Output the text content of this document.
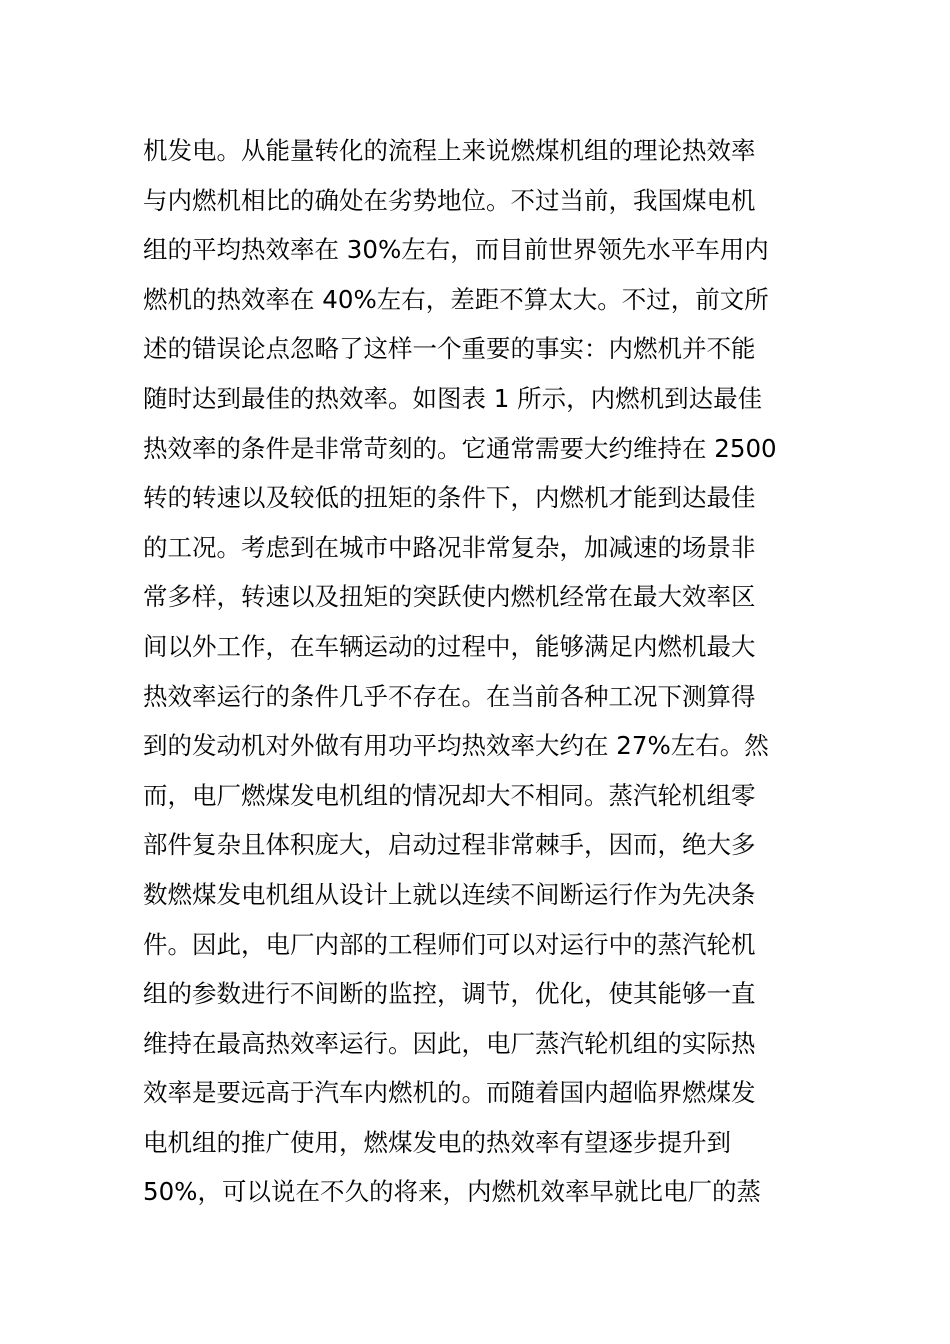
机发电。从能量转化的流程上来说燃煤机组的理论热效率
与内燃机相比的确处在劣势地位。不过当前，我国煤电机
组的平均热效率在 30%左右，而目前世界领先水平车用内
燃机的热效率在 40%左右，差距不算太大。不过，前文所
述的错误论点忽略了这样一个重要的事实：内燃机并不能
随时达到最佳的热效率。如图表 1 所示，内燃机到达最佳
热效率的条件是非常苛刻的。它通常需要大约维持在 2500
转的转速以及较低的扭矩的条件下，内燃机才能到达最佳
的工况。考虑到在城市中路况非常复杂，加减速的场景非
常多样，转速以及扭矩的突跃使内燃机经常在最大效率区
间以外工作，在车辆运动的过程中，能够满足内燃机最大
热效率运行的条件几乎不存在。在当前各种工况下测算得
到的发动机对外做有用功平均热效率大约在 27%左右。然
而，电厂燃煤发电机组的情况却大不相同。蒸汽轮机组零
部件复杂且体积庞大，启动过程非常棘手，因而，绝大多
数燃煤发电机组从设计上就以连续不间断运行作为先决条
件。因此，电厂内部的工程师们可以对运行中的蒸汽轮机
组的参数进行不间断的监控，调节，优化，使其能够一直
维持在最高热效率运行。因此，电厂蒸汽轮机组的实际热
效率是要远高于汽车内燃机的。而随着国内超临界燃煤发
电机组的推广使用，燃煤发电的热效率有望逐步提升到
50%，可以说在不久的将来，内燃机效率早就比电厂的蒸
